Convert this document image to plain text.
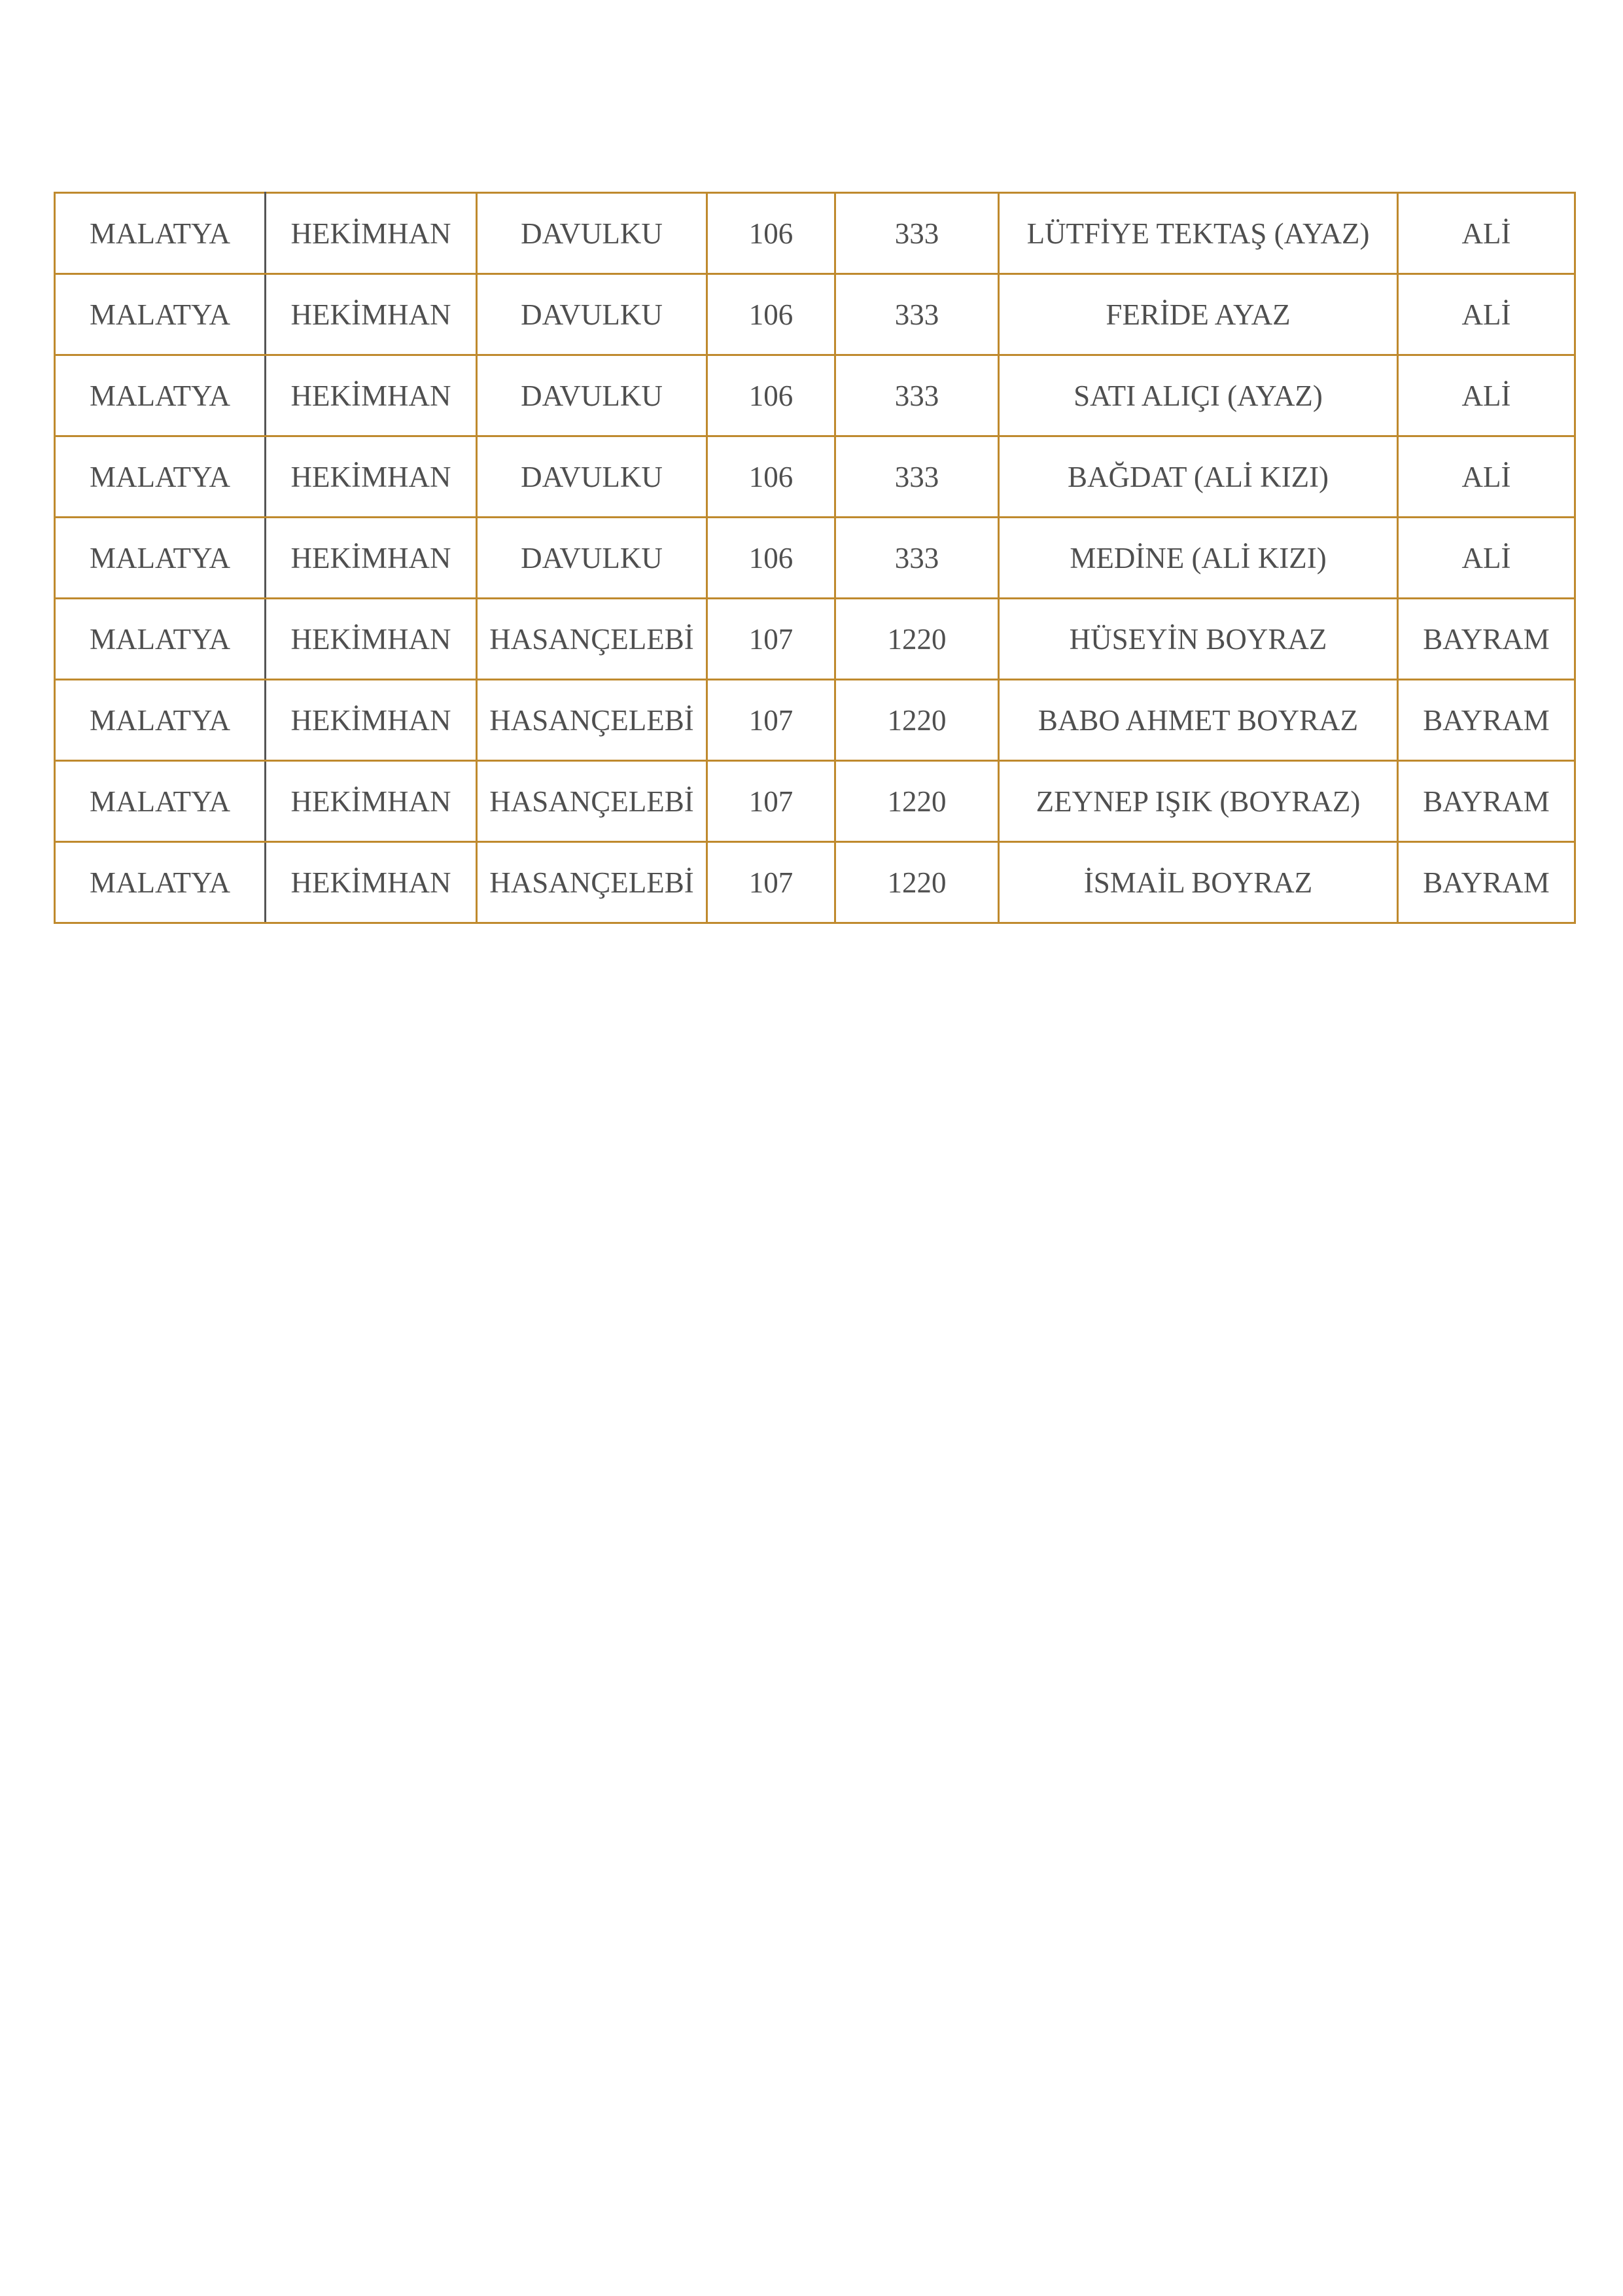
MALATYA	HEKİMHAN	DAVULKU	106	333	LÜTFİYE TEKTAŞ (AYAZ)	ALİ
MALATYA	HEKİMHAN	DAVULKU	106	333	FERİDE AYAZ	ALİ
MALATYA	HEKİMHAN	DAVULKU	106	333	SATI ALIÇI (AYAZ)	ALİ
MALATYA	HEKİMHAN	DAVULKU	106	333	BAĞDAT (ALİ KIZI)	ALİ
MALATYA	HEKİMHAN	DAVULKU	106	333	MEDİNE (ALİ KIZI)	ALİ
MALATYA	HEKİMHAN	HASANÇELEBİ	107	1220	HÜSEYİN BOYRAZ	BAYRAM
MALATYA	HEKİMHAN	HASANÇELEBİ	107	1220	BABO AHMET BOYRAZ	BAYRAM
MALATYA	HEKİMHAN	HASANÇELEBİ	107	1220	ZEYNEP IŞIK (BOYRAZ)	BAYRAM
MALATYA	HEKİMHAN	HASANÇELEBİ	107	1220	İSMAİL BOYRAZ	BAYRAM
